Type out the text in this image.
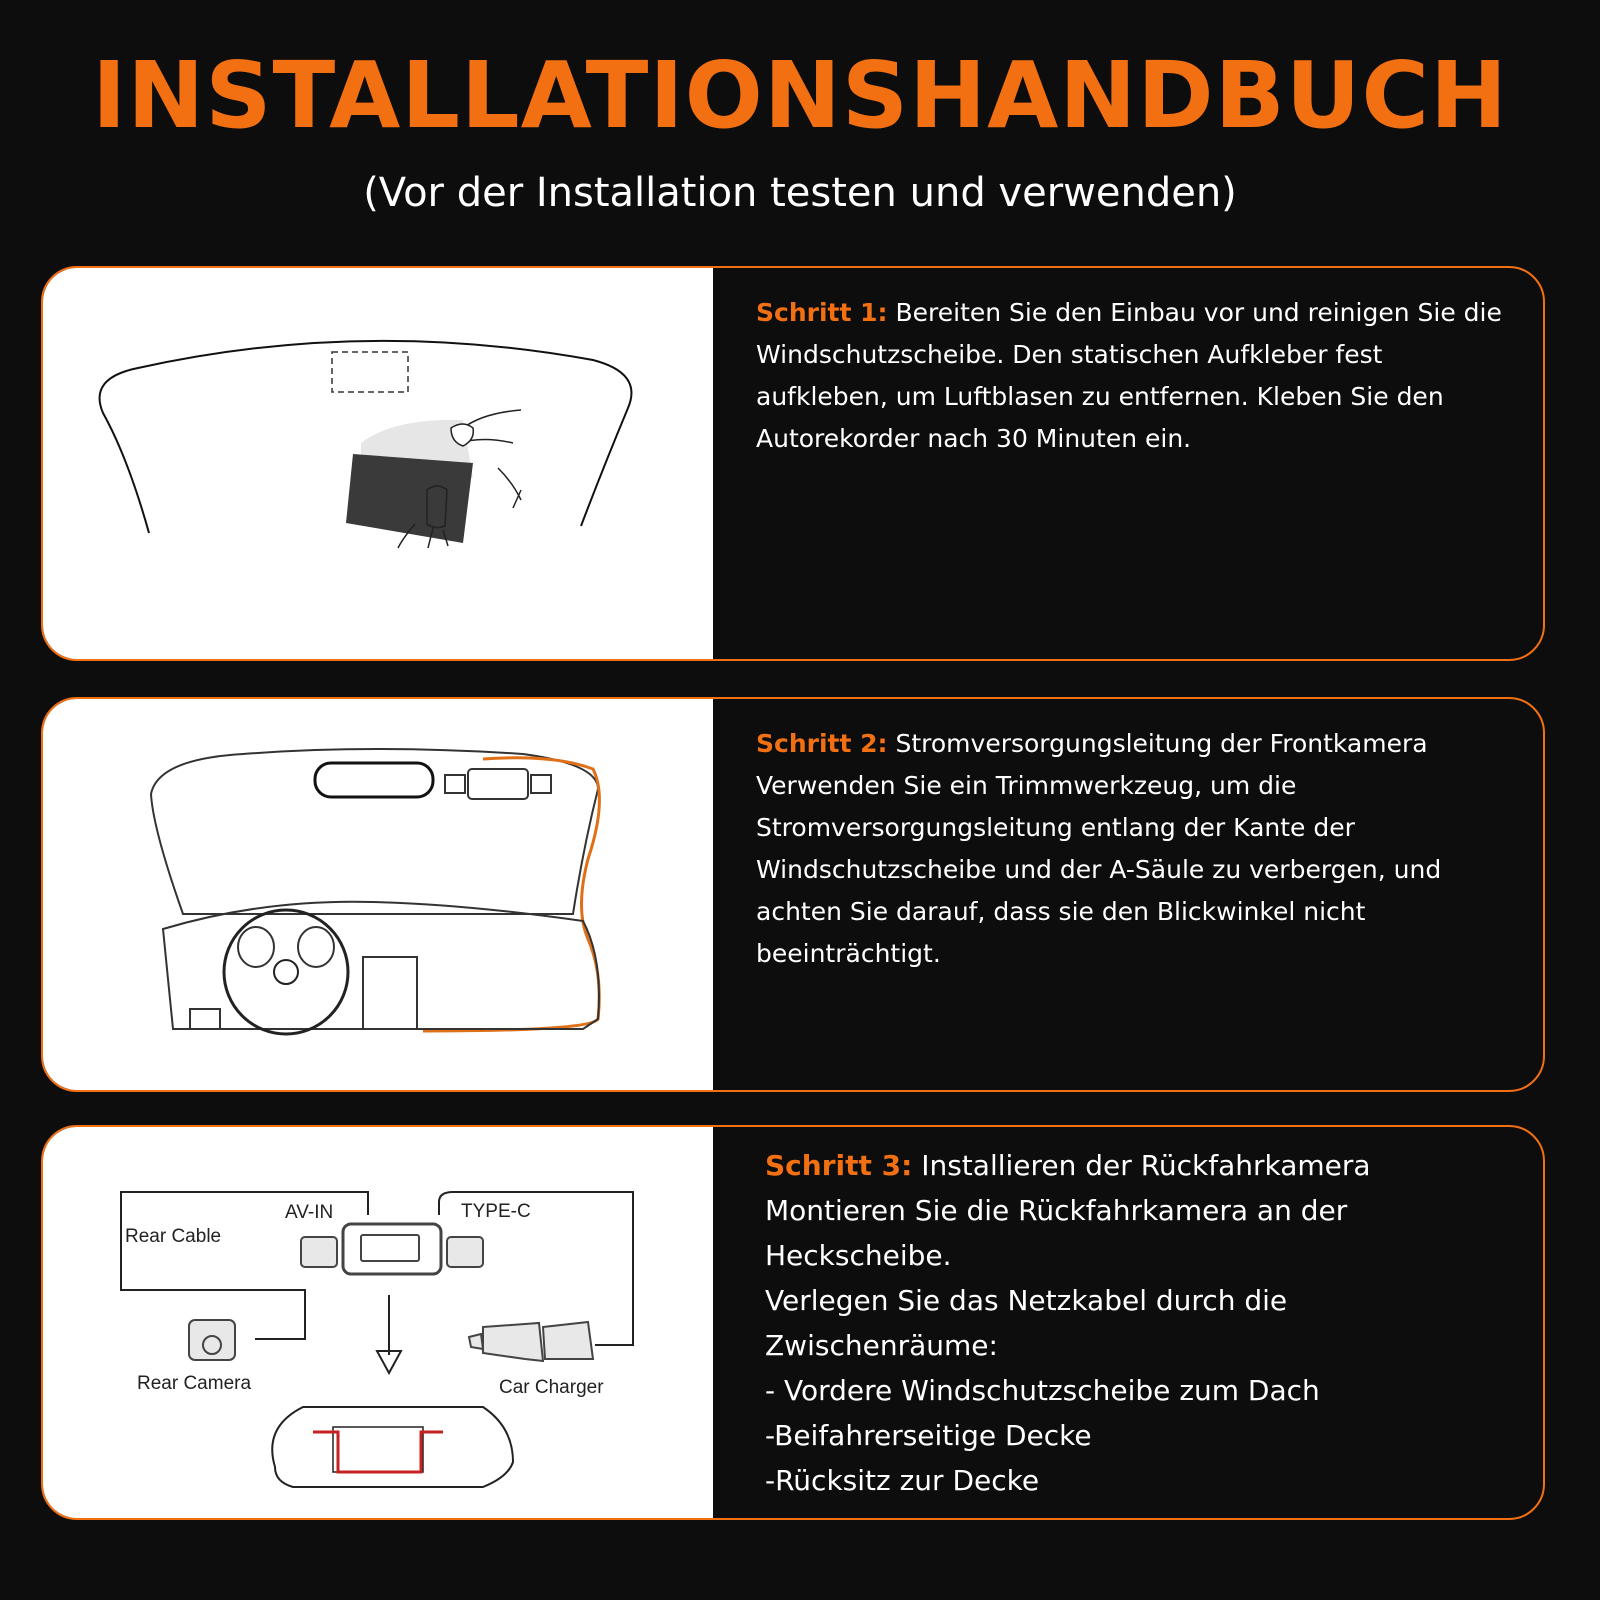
INSTALLATIONSHANDBUCH
(Vor der Installation testen und verwenden)
Schritt 1: Bereiten Sie den Einbau vor und reinigen Sie die Windschutzscheibe. Den statischen Aufkleber fest aufkleben, um Luftblasen zu entfernen. Kleben Sie den Autorekorder nach 30 Minuten ein.
Schritt 2: Stromversorgungsleitung der Frontkamera Verwenden Sie ein Trimmwerkzeug, um die Stromversorgungsleitung entlang der Kante der Windschutzscheibe und der A-Säule zu verbergen, und achten Sie darauf, dass sie den Blickwinkel nicht beeinträchtigt.
AV-IN	TYPE-C
Rear Cable
Rear Camera	Car Charger
Schritt 3: Installieren der Rückfahrkamera
Montieren Sie die Rückfahrkamera an der Heckscheibe.
Verlegen Sie das Netzkabel durch die Zwischenräume:
- Vordere Windschutzscheibe zum Dach
-Beifahrerseitige Decke
-Rücksitz zur Decke
